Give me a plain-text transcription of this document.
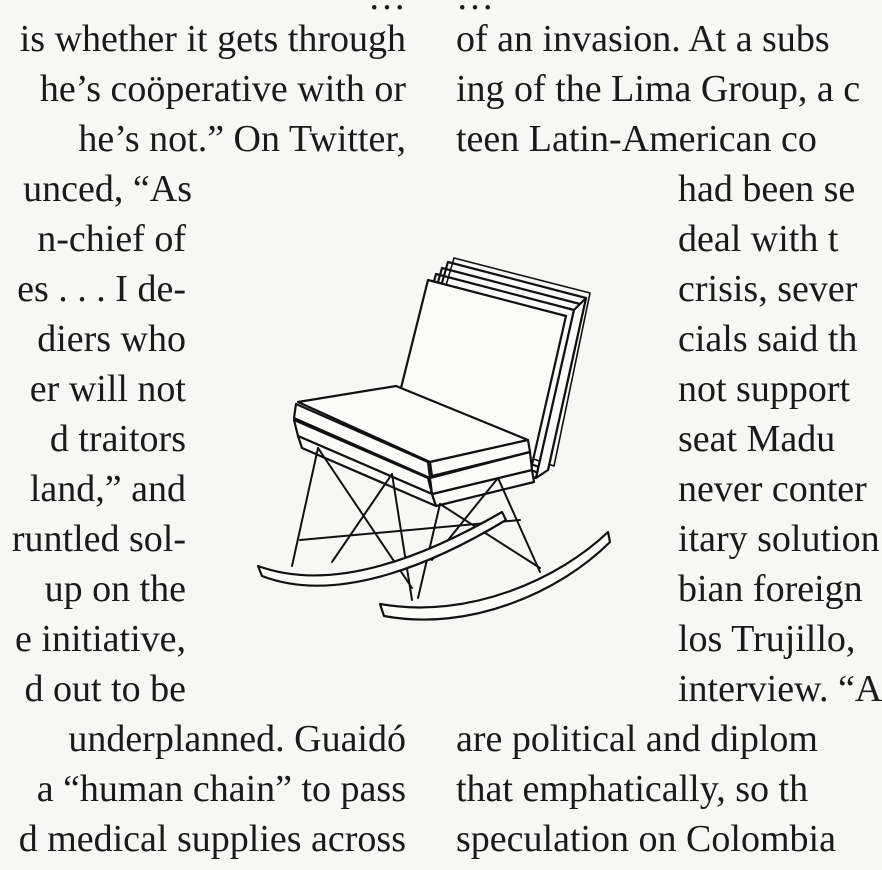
is whether it gets through
he’s coöperative with or
he’s not.” On Twitter,
unced, “As
n-chief of
es . . . I de-
diers who
er will not
d traitors
land,” and
runtled sol-
up on the
e initiative,
d out to be
underplanned. Guaidó
a “human chain” to pass
d medical supplies across
of an invasion. At a subs
ing of the Lima Group, a c
teen Latin-American co
had been se
deal with t
crisis, sever
cials said th
not support
seat Madu
never conter
itary solution
bian foreign
los Trujillo,
interview. “A
are political and diplom
that emphatically, so th
speculation on Colombia
